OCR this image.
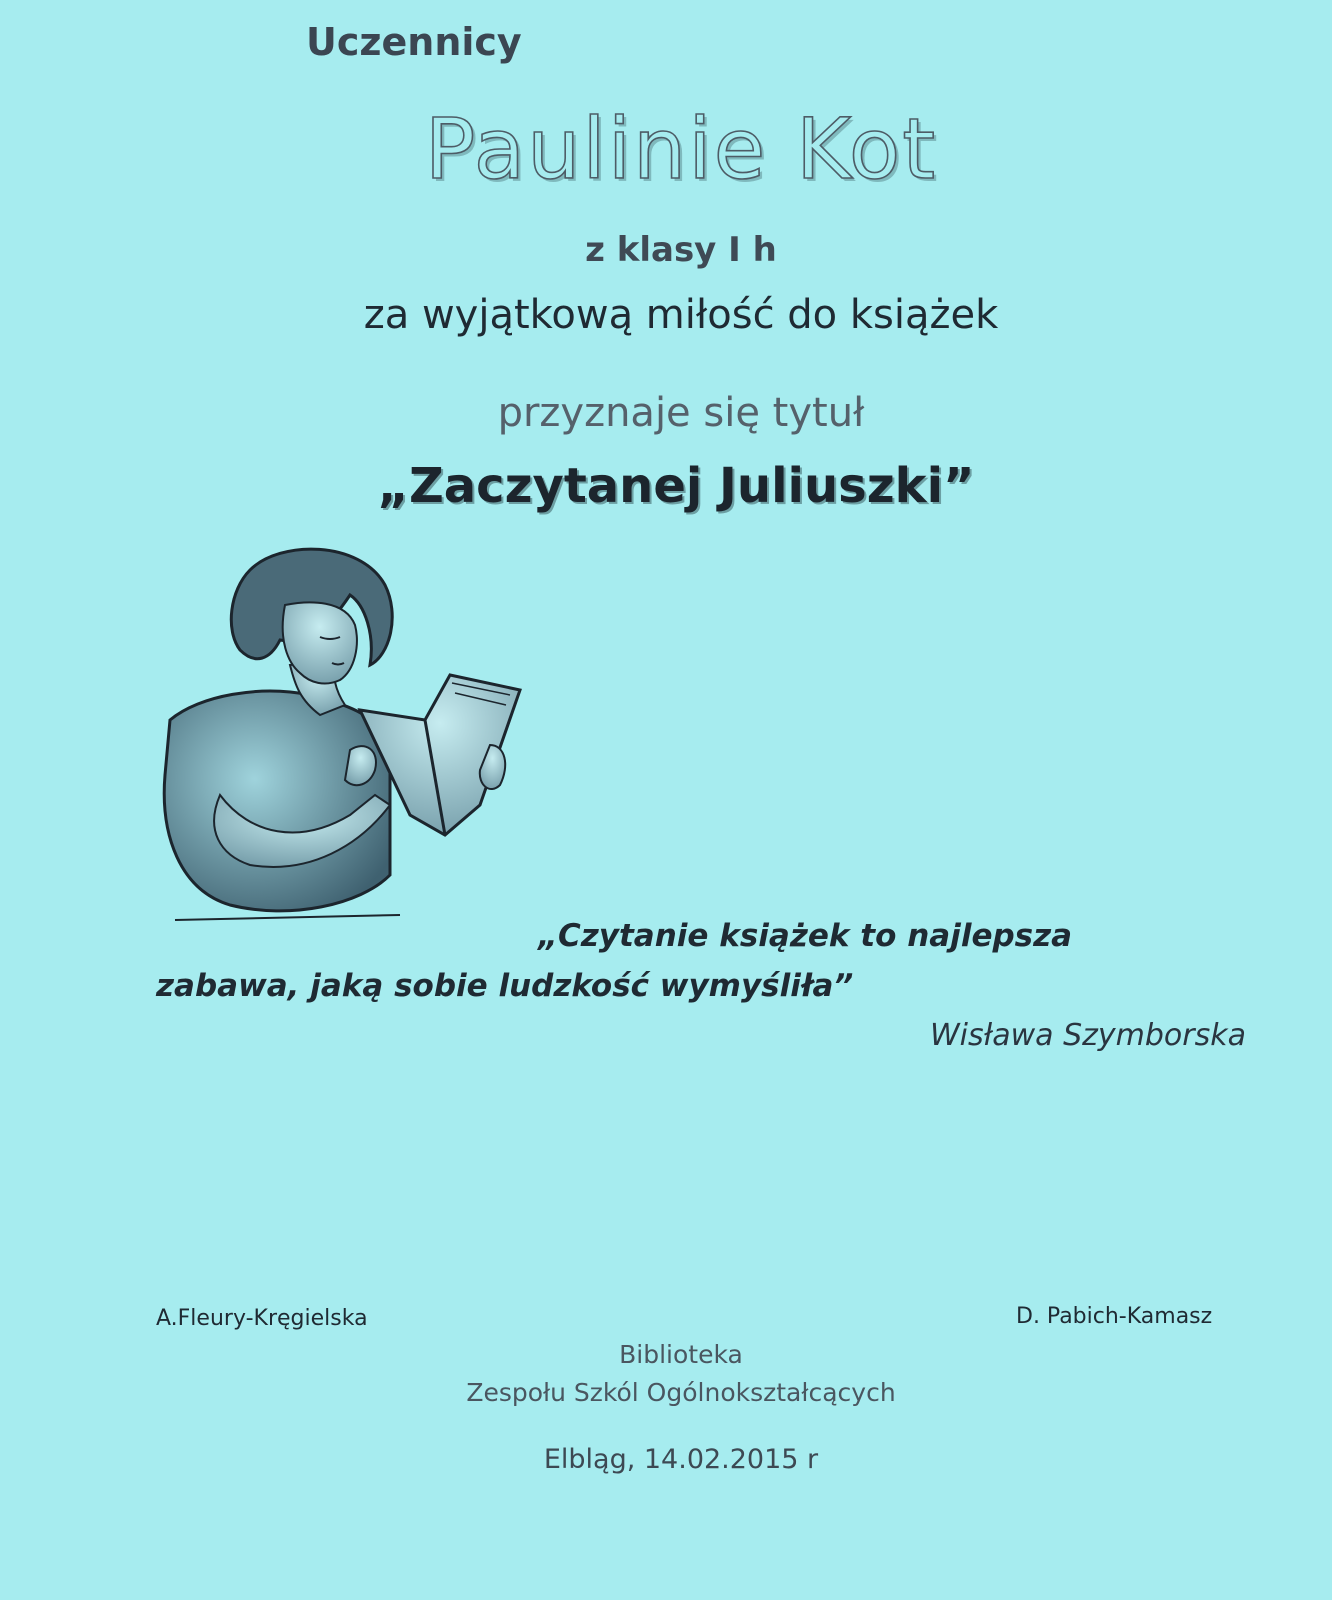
Uczennicy
Paulinie Kot
z klasy I h
za wyjątkową miłość do książek
przyznaje się tytuł
„Zaczytanej Juliuszki”
„Czytanie książek to najlepsza
zabawa, jaką sobie ludzkość wymyśliła”
Wisława Szymborska
A.Fleury-Kręgielska	D. Pabich-Kamasz
Biblioteka
Zespołu Szkól Ogólnokształcących
Elbląg, 14.02.2015 r
